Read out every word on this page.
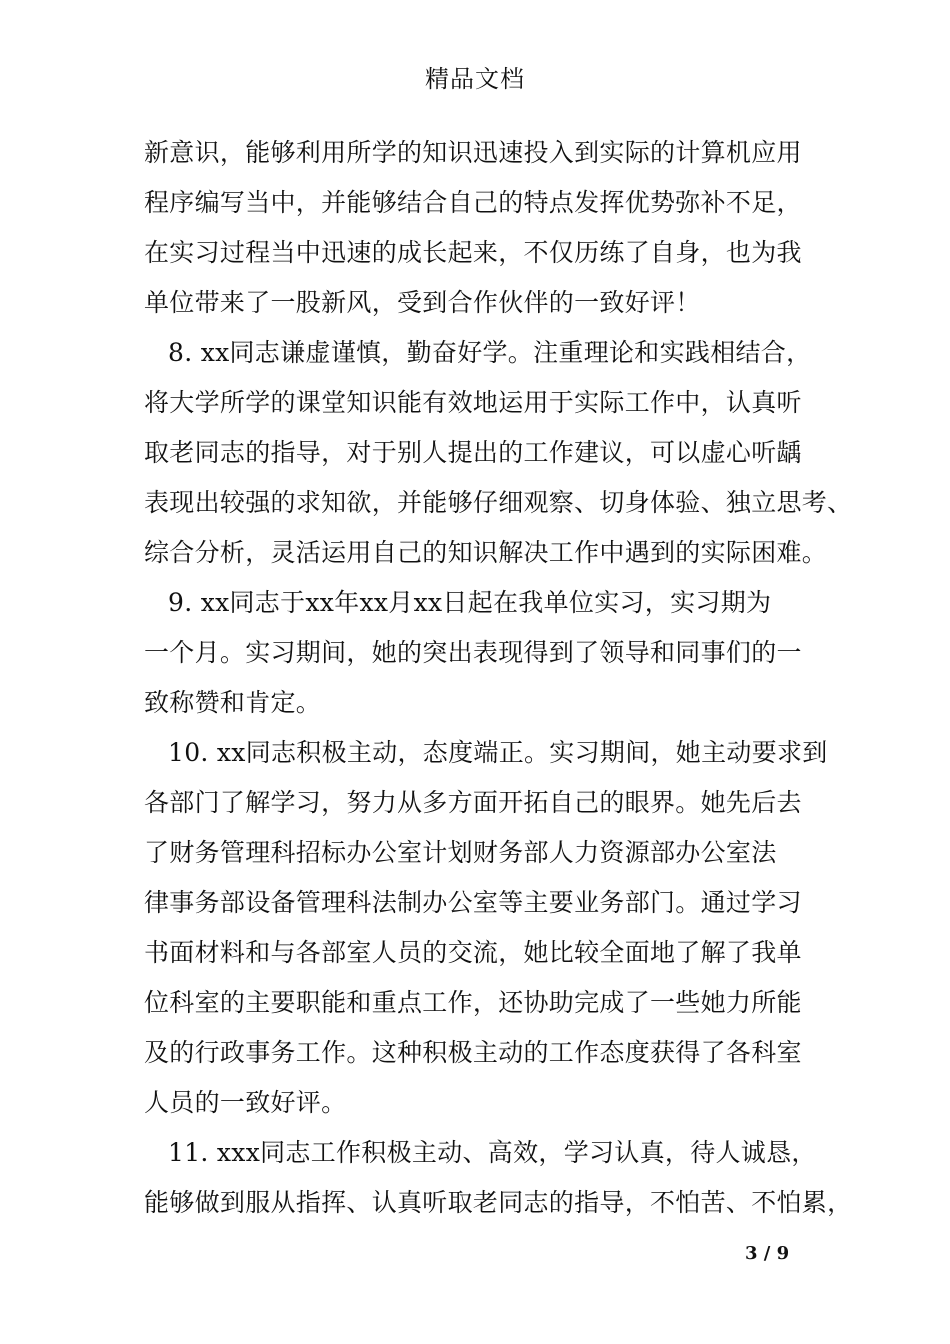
精品文档
新意识，能够利用所学的知识迅速投入到实际的计算机应用
程序编写当中，并能够结合自己的特点发挥优势弥补不足，
在实习过程当中迅速的成长起来，不仅历练了自身，也为我
单位带来了一股新风，受到合作伙伴的一致好评！
8. xx同志谦虚谨慎，勤奋好学。注重理论和实践相结合，
将大学所学的课堂知识能有效地运用于实际工作中，认真听
取老同志的指导，对于别人提出的工作建议，可以虚心听龋
表现出较强的求知欲，并能够仔细观察、切身体验、独立思考、
综合分析，灵活运用自己的知识解决工作中遇到的实际困难。
9. xx同志于xx年xx月xx日起在我单位实习，实习期为
一个月。实习期间，她的突出表现得到了领导和同事们的一
致称赞和肯定。
10. xx同志积极主动，态度端正。实习期间，她主动要求到
各部门了解学习，努力从多方面开拓自己的眼界。她先后去
了财务管理科招标办公室计划财务部人力资源部办公室法
律事务部设备管理科法制办公室等主要业务部门。通过学习
书面材料和与各部室人员的交流，她比较全面地了解了我单
位科室的主要职能和重点工作，还协助完成了一些她力所能
及的行政事务工作。这种积极主动的工作态度获得了各科室
人员的一致好评。
11. xxx同志工作积极主动、高效，学习认真，待人诚恳，
能够做到服从指挥、认真听取老同志的指导，不怕苦、不怕累，
3 / 9
